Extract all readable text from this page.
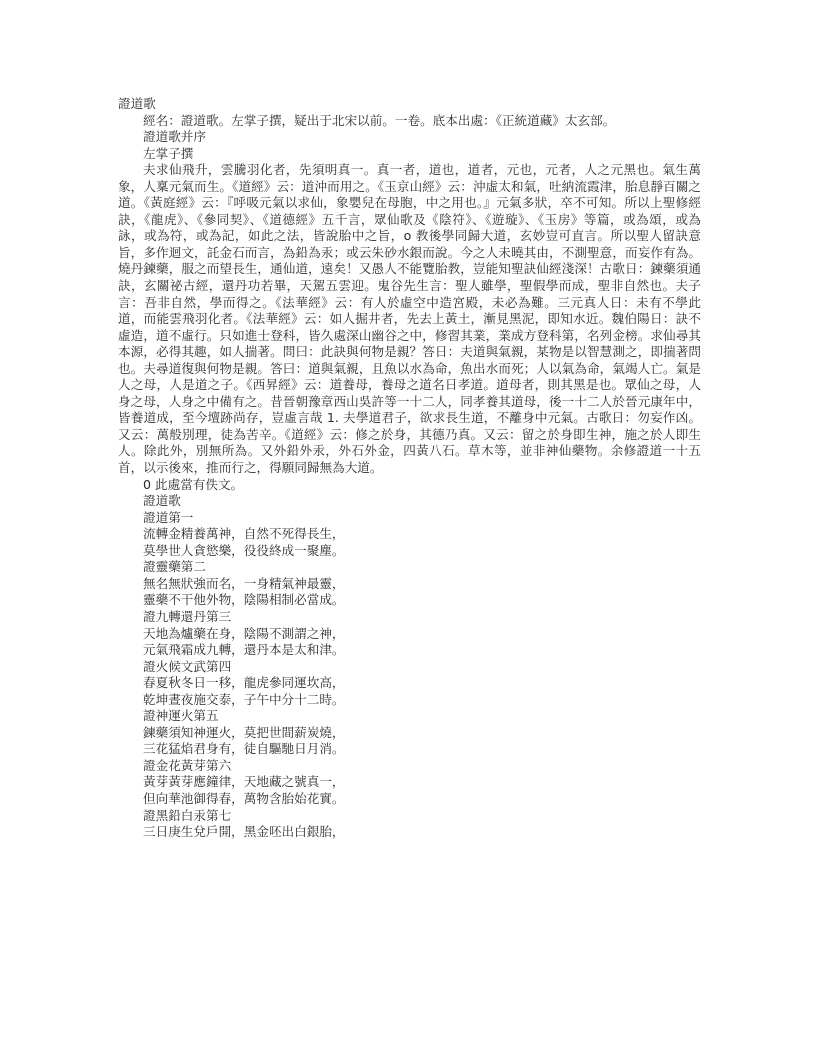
證道歌
經名：證道歌。左掌子撰，疑出于北宋以前。一卷。底本出處：《正統道藏》太玄部。
證道歌并序
左掌子撰

夫求仙飛升，雲騰羽化者，先須明真一。真一者，道也，道者，元也，元者，人之元黑也。氣生萬象，人稟元氣而生。《道經》云：道沖而用之。《玉京山經》云：沖虛太和氣，吐納流霞津，胎息靜百關之道。《黃庭經》云：『呼吸元氣以求仙，象嬰兒在母胞，中之用也。』元氣多狀，卒不可知。所以上聖修經訣，《龍虎》、《參同契》、《道德經》五千言，眾仙歌及《陰符》、《遊璇》、《玉房》等篇，或為頌，或為詠，或為符，或為記，如此之法，皆說胎中之旨，o 教後學同歸大道，玄妙豈可直言。所以聖人留訣意旨，多作迴文，託金石而言，為鉛為汞；或云朱砂水銀而說。今之人未曉其由，不測聖意，而妄作有為。燒丹鍊藥，服之而望長生，通仙道，遠矣！又愚人不能覽胎教，豈能知聖訣仙經淺深！古歌日：鍊藥須通訣，玄關祕古經，還丹功若畢，天駕五雲迎。鬼谷先生言：聖人雖學，聖假學而成，聖非自然也。夫子言：吾非自然，學而得之。《法華經》云：有人於虛空中造宮殿，未必為難。三元真人日：未有不學此道，而能雲飛羽化者。《法華經》云：如人掘井者，先去上黃土，漸見黑泥，即知水近。魏伯陽日：訣不虛造，道不虛行。只如進士登科，皆久處深山幽谷之中，修習其業，業成方登科第，名列金榜。求仙尋其本源，必得其趣，如人揣著。問曰：此訣與何物是親？答日：夫道與氣親，某物是以智慧測之，即揣著問也。夫尋道復與何物是親。答曰：道與氣親，且魚以水為命，魚出水而死；人以氣為命，氣竭人亡。氣是人之母，人是道之子。《西昇經》云：道養母，養母之道名日孝道。道母者，則其黑是也。眾仙之母，人身之母，人身之中備有之。昔晉朝豫章西山吳許等一十二人，同孝養其道母，後一十二人於晉元康年中，皆養道成，至今壇跡尚存，豈虛言哉 1. 夫學道君子，欲求長生道，不離身中元氣。古歌日：勿妄作凶。又云：萬般別理，徒為苦辛。《道經》云：修之於身，其德乃真。又云：留之於身即生神，施之於人即生人。除此外，別無所為。又外鉛外汞，外石外金，四黃八石。草木等，並非神仙藥物。余修證道一十五首，以示後來，推而行之，得願同歸無為大道。

0 此處當有佚文。
證道歌
證道第一
流轉金精養萬神，自然不死得長生，
莫學世人貪慾樂，役役終成一聚塵。
證靈藥第二
無名無狀強而名，一身精氣神最靈，
靈藥不干他外物，陰陽相制必當成。
證九轉還丹第三
天地為爐藥在身，陰陽不測謂之神，
元氣飛霜成九轉，還丹本是太和津。
證火候文武第四
春夏秋冬日一移，龍虎參同運坎高，
乾坤晝夜施交泰，子午中分十二時。
證神運火第五
鍊藥須知神運火，莫把世間薪炭燒，
三花猛焰君身有，徒自驅馳日月消。
證金花黃芽第六
黃芽黃芽應鐘律，天地藏之號真一，
但向華池御得春，萬物含胎始花實。
證黑鉛白汞第七
三日庚生兌戶開，黑金呸出白銀胎，
